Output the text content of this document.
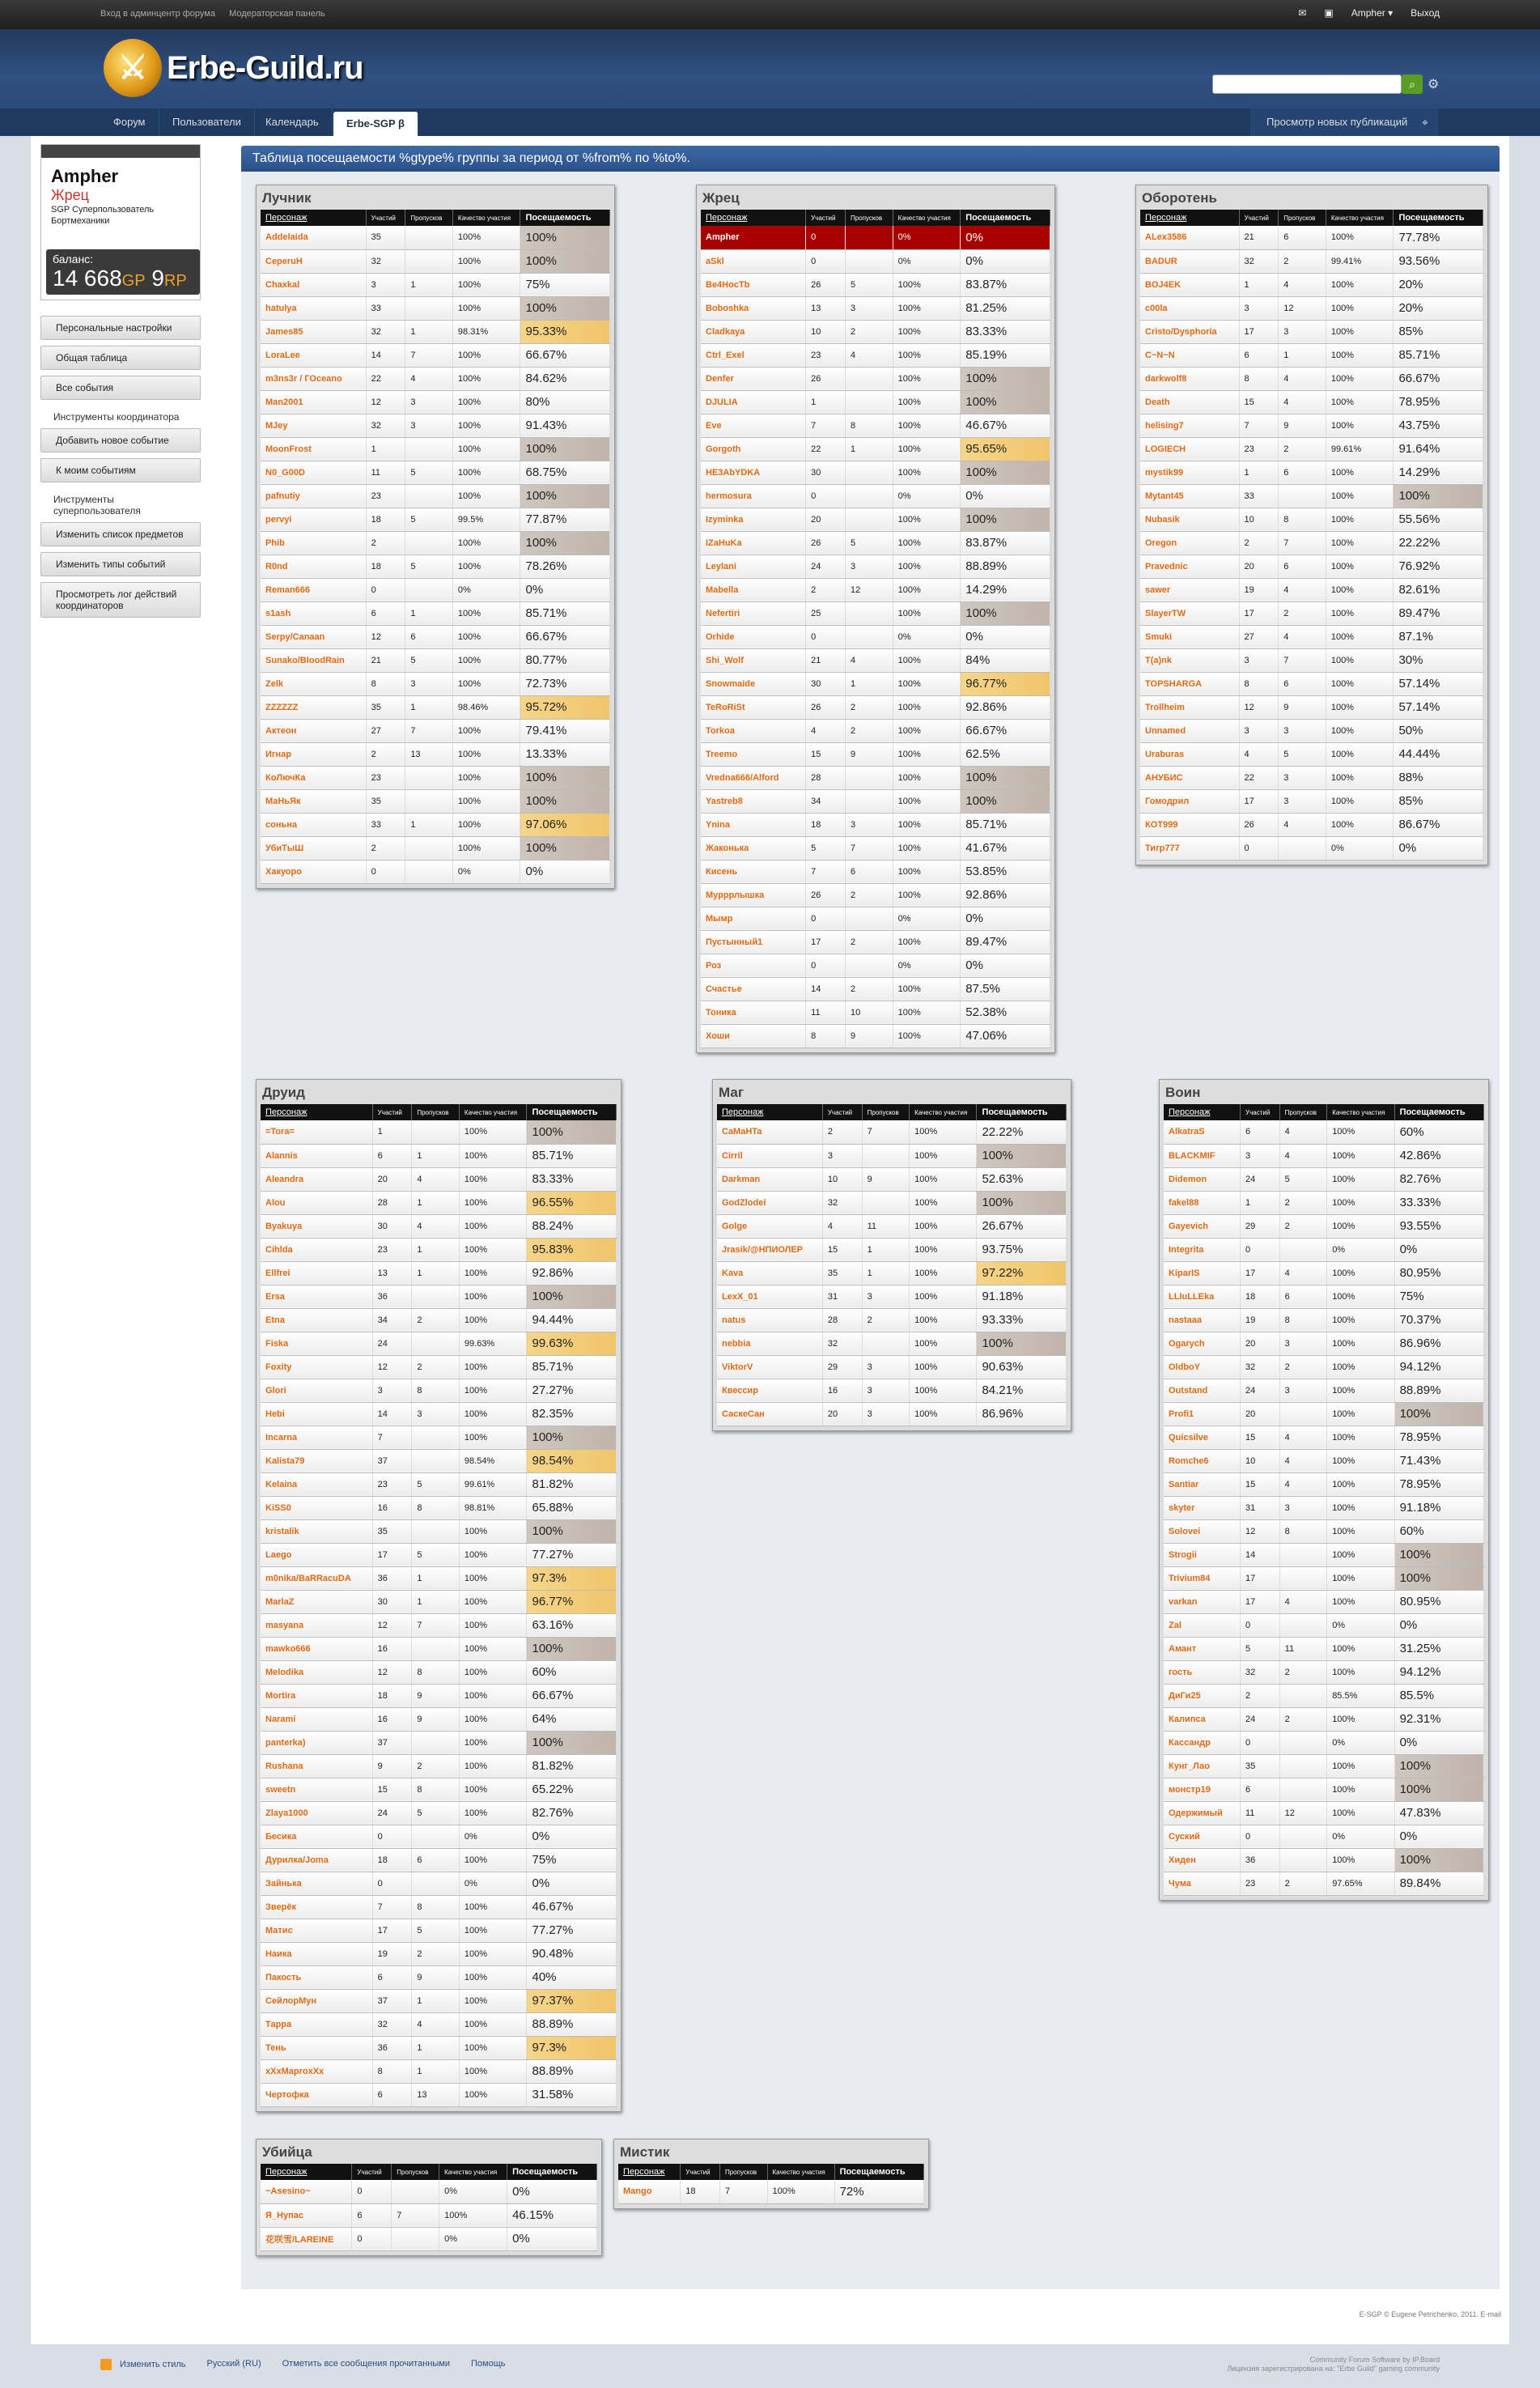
Вход в админцентр форума Модераторская панель	✉ ▣ Ampher ▾ Выход
⚔ Erbe-Guild.ru	⌕ ⚙
Форум	Пользователи	Календарь	Erbe-SGP β	Просмотр новых публикаций	⌖
Ampher
Жрец
SGP Суперпользователь
Бортмеханики
баланс:
14 668GP 9RP
Персональные настройки
Общая таблица
Все события
Инструменты координатора
Добавить новое событие
К моим событиям
Инструменты суперпользователя
Изменить список предметов
Изменить типы событий
Просмотреть лог действий координаторов
Таблица посещаемости %gtype% группы за период от %from% по %to%.
E-SGP © Eugene Petrichenko, 2011. E-mail
Изменить стиль Русский (RU) Отметить все сообщения прочитанными Помощь	Community Forum Software by IP.Board
Лицензия зарегистрирована на: "Erbe Guild" gaming community
Лучник
Персонаж	Участий	Пропусков	Качество участия	Посещаемость
Addelaida	35		100%	100%
CeperuH	32		100%	100%
Chaxkal	3	1	100%	75%
hatulya	33		100%	100%
James85	32	1	98.31%	95.33%
LoraLee	14	7	100%	66.67%
m3ns3r / ГОceano	22	4	100%	84.62%
Man2001	12	3	100%	80%
MJey	32	3	100%	91.43%
MoonFrost	1		100%	100%
N0_G00D	11	5	100%	68.75%
pafnutiy	23		100%	100%
pervyi	18	5	99.5%	77.87%
Phib	2		100%	100%
R0nd	18	5	100%	78.26%
Reman666	0		0%	0%
s1ash	6	1	100%	85.71%
Serpy/Canaan	12	6	100%	66.67%
Sunako/BloodRain	21	5	100%	80.77%
Zelk	8	3	100%	72.73%
ZZZZZZ	35	1	98.46%	95.72%
Актеон	27	7	100%	79.41%
Игнар	2	13	100%	13.33%
КоЛючКа	23		100%	100%
МаНьЯк	35		100%	100%
соньна	33	1	100%	97.06%
УбиТыШ	2		100%	100%
Хакуоро	0		0%	0%
Жрец
Персонаж	Участий	Пропусков	Качество участия	Посещаемость
Ampher	0		0%	0%
aSkl	0		0%	0%
Be4HocTb	26	5	100%	83.87%
Boboshka	13	3	100%	81.25%
Cladkaya	10	2	100%	83.33%
Ctrl_Exel	23	4	100%	85.19%
Denfer	26		100%	100%
DJULIA	1		100%	100%
Eve	7	8	100%	46.67%
Gorgoth	22	1	100%	95.65%
HE3AbYDKA	30		100%	100%
hermosura	0		0%	0%
Izyminka	20		100%	100%
IZaHuKa	26	5	100%	83.87%
Leylani	24	3	100%	88.89%
Mabella	2	12	100%	14.29%
Nefertiri	25		100%	100%
Orhide	0		0%	0%
Shi_Wolf	21	4	100%	84%
Snowmaide	30	1	100%	96.77%
TeRoRiSt	26	2	100%	92.86%
Torkoa	4	2	100%	66.67%
Treemo	15	9	100%	62.5%
Vredna666/Alford	28		100%	100%
Yastreb8	34		100%	100%
Ynina	18	3	100%	85.71%
Жаконька	5	7	100%	41.67%
Кисень	7	6	100%	53.85%
Мурррлышка	26	2	100%	92.86%
Мымр	0		0%	0%
Пустынный1	17	2	100%	89.47%
Роз	0		0%	0%
Счастье	14	2	100%	87.5%
Тоника	11	10	100%	52.38%
Хоши	8	9	100%	47.06%
Оборотень
Персонаж	Участий	Пропусков	Качество участия	Посещаемость
ALex3586	21	6	100%	77.78%
BADUR	32	2	99.41%	93.56%
BOJ4EK	1	4	100%	20%
c00la	3	12	100%	20%
Cristo/Dysphoria	17	3	100%	85%
C~N~N	6	1	100%	85.71%
darkwolf8	8	4	100%	66.67%
Death	15	4	100%	78.95%
helising7	7	9	100%	43.75%
LOGIECH	23	2	99.61%	91.64%
mystik99	1	6	100%	14.29%
Mytant45	33		100%	100%
Nubasik	10	8	100%	55.56%
Oregon	2	7	100%	22.22%
Pravednic	20	6	100%	76.92%
sawer	19	4	100%	82.61%
SlayerTW	17	2	100%	89.47%
Smuki	27	4	100%	87.1%
T(a)nk	3	7	100%	30%
TOPSHARGA	8	6	100%	57.14%
Trollheim	12	9	100%	57.14%
Unnamed	3	3	100%	50%
Uraburas	4	5	100%	44.44%
АНУБИС	22	3	100%	88%
Гомодрил	17	3	100%	85%
КОТ999	26	4	100%	86.67%
Тигр777	0		0%	0%
Друид
Персонаж	Участий	Пропусков	Качество участия	Посещаемость
=Tora=	1		100%	100%
Alannis	6	1	100%	85.71%
Aleandra	20	4	100%	83.33%
Alou	28	1	100%	96.55%
Byakuya	30	4	100%	88.24%
Cihlda	23	1	100%	95.83%
Ellfrei	13	1	100%	92.86%
Ersa	36		100%	100%
Etna	34	2	100%	94.44%
Fiska	24		99.63%	99.63%
Foxity	12	2	100%	85.71%
Glori	3	8	100%	27.27%
Hebi	14	3	100%	82.35%
Incarna	7		100%	100%
Kalista79	37		98.54%	98.54%
Kelaina	23	5	99.61%	81.82%
KiSS0	16	8	98.81%	65.88%
kristalik	35		100%	100%
Laego	17	5	100%	77.27%
m0nika/BaRRacuDA	36	1	100%	97.3%
MarlaZ	30	1	100%	96.77%
masyana	12	7	100%	63.16%
mawko666	16		100%	100%
Melodika	12	8	100%	60%
Mortira	18	9	100%	66.67%
Narami	16	9	100%	64%
panterka)	37		100%	100%
Rushana	9	2	100%	81.82%
sweetn	15	8	100%	65.22%
Zlaya1000	24	5	100%	82.76%
Бесика	0		0%	0%
Дурилка/Joma	18	6	100%	75%
Зайнька	0		0%	0%
Зверёк	7	8	100%	46.67%
Матис	17	5	100%	77.27%
Наика	19	2	100%	90.48%
Пакость	6	9	100%	40%
СейлорМун	37	1	100%	97.37%
Тарра	32	4	100%	88.89%
Тень	36	1	100%	97.3%
xXxMaproxXx	8	1	100%	88.89%
Чертофка	6	13	100%	31.58%
Маг
Персонаж	Участий	Пропусков	Качество участия	Посещаемость
CaMaHTa	2	7	100%	22.22%
Cirril	3		100%	100%
Darkman	10	9	100%	52.63%
GodZlodei	32		100%	100%
Golge	4	11	100%	26.67%
Jrasik/@НПИОЛЕР	15	1	100%	93.75%
Kava	35	1	100%	97.22%
LexX_01	31	3	100%	91.18%
natus	28	2	100%	93.33%
nebbia	32		100%	100%
ViktorV	29	3	100%	90.63%
Квессир	16	3	100%	84.21%
СаскеСан	20	3	100%	86.96%
Воин
Персонаж	Участий	Пропусков	Качество участия	Посещаемость
AlkatraS	6	4	100%	60%
BLACKMIF	3	4	100%	42.86%
Didemon	24	5	100%	82.76%
fakel88	1	2	100%	33.33%
Gayevich	29	2	100%	93.55%
Integrita	0		0%	0%
KiparIS	17	4	100%	80.95%
LLIuLLEka	18	6	100%	75%
nastaaa	19	8	100%	70.37%
Ogarych	20	3	100%	86.96%
OldboY	32	2	100%	94.12%
Outstand	24	3	100%	88.89%
Profi1	20		100%	100%
Quicsilve	15	4	100%	78.95%
Romche6	10	4	100%	71.43%
Santiar	15	4	100%	78.95%
skyter	31	3	100%	91.18%
Solovei	12	8	100%	60%
Strogii	14		100%	100%
Trivium84	17		100%	100%
varkan	17	4	100%	80.95%
Zal	0		0%	0%
Амант	5	11	100%	31.25%
гость	32	2	100%	94.12%
ДиГи25	2		85.5%	85.5%
Калипса	24	2	100%	92.31%
Кассандр	0		0%	0%
Кунг_Лао	35		100%	100%
монстр19	6		100%	100%
Одержимый	11	12	100%	47.83%
Суский	0		0%	0%
Хиден	36		100%	100%
Чума	23	2	97.65%	89.84%
Убийца
Персонаж	Участий	Пропусков	Качество участия	Посещаемость
~Asesino~	0		0%	0%
Я_Нупас	6	7	100%	46.15%
花咲雪/LAREINE	0		0%	0%
Мистик
Персонаж	Участий	Пропусков	Качество участия	Посещаемость
Mango	18	7	100%	72%
